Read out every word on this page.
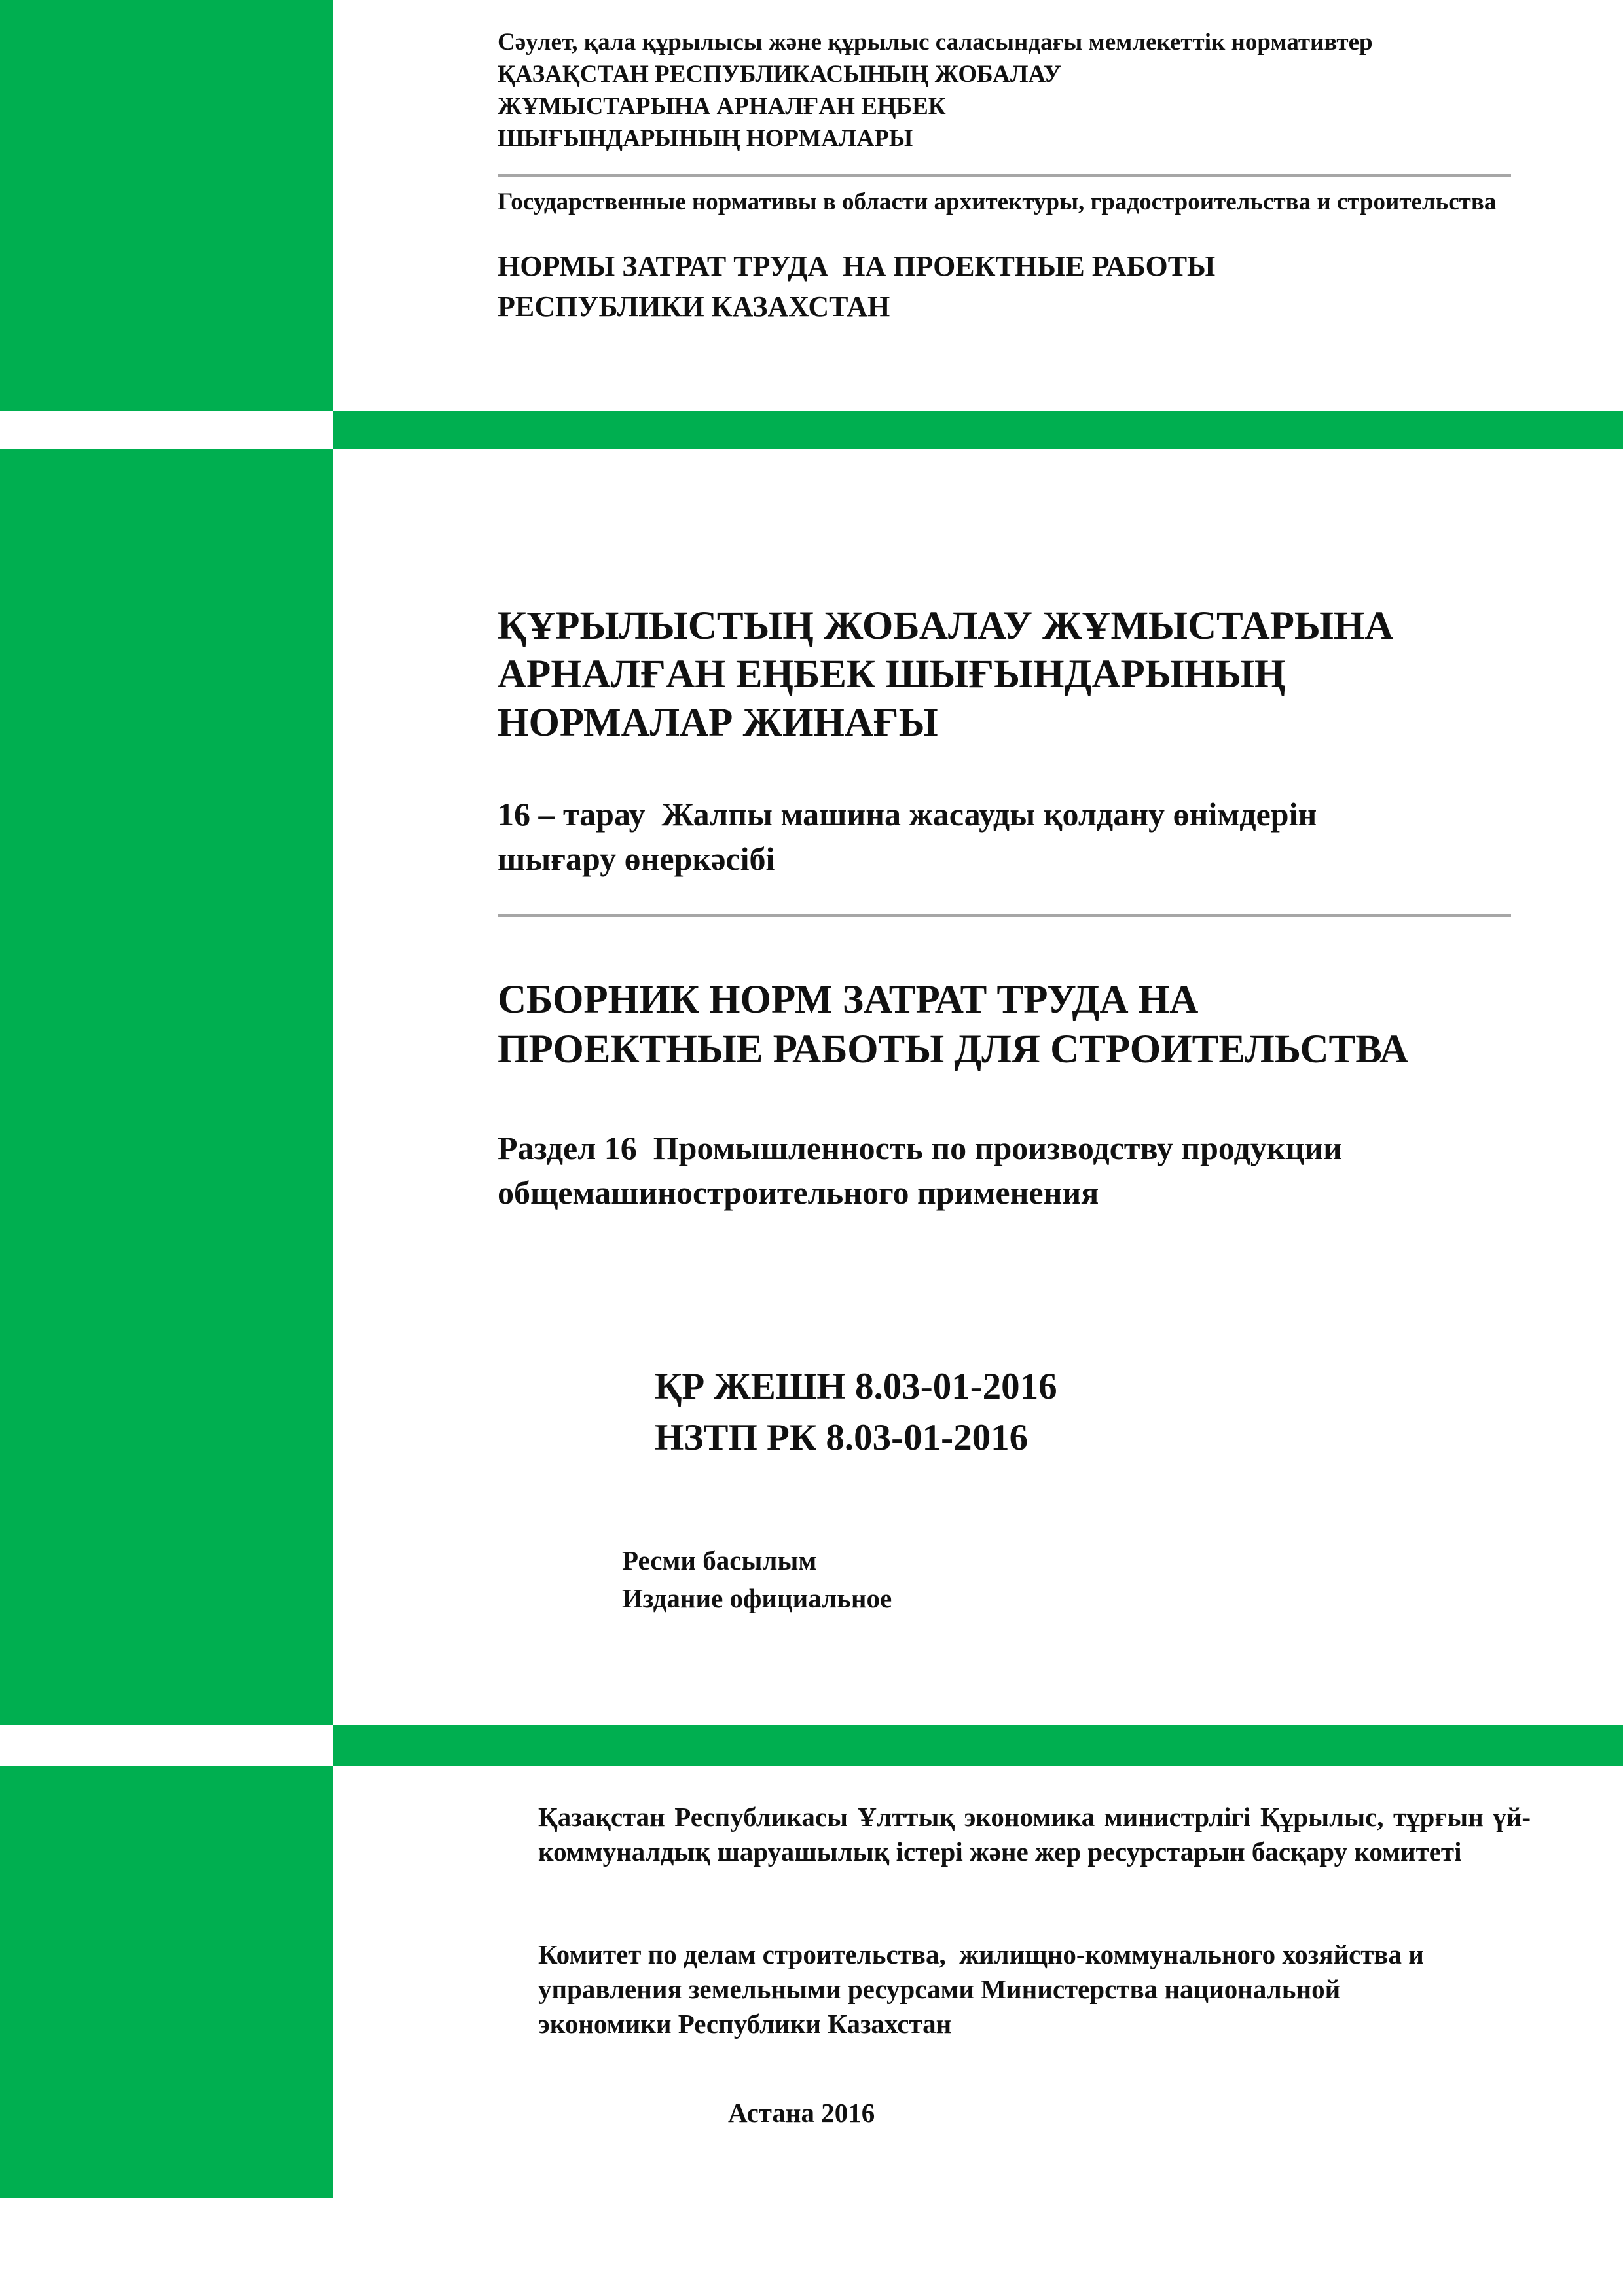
Сәулет, қала құрылысы және құрылыс саласындағы мемлекеттік нормативтер
ҚАЗАҚСТАН РЕСПУБЛИКАСЫНЫҢ ЖОБАЛАУ
ЖҰМЫСТАРЫНА АРНАЛҒАН ЕҢБЕК
ШЫҒЫНДАРЫНЫҢ НОРМАЛАРЫ
Государственные нормативы в области архитектуры, градостроительства и строительства
НОРМЫ ЗАТРАТ ТРУДА  НА ПРОЕКТНЫЕ РАБОТЫ
РЕСПУБЛИКИ КАЗАХСТАН
ҚҰРЫЛЫСТЫҢ ЖОБАЛАУ ЖҰМЫСТАРЫНА
АРНАЛҒАН ЕҢБЕК ШЫҒЫНДАРЫНЫҢ
НОРМАЛАР ЖИНАҒЫ
16 – тарау  Жалпы машина жасауды қолдану өнімдерін
шығару өнеркәсібі
СБОРНИК НОРМ ЗАТРАТ ТРУДА НА
ПРОЕКТНЫЕ РАБОТЫ ДЛЯ СТРОИТЕЛЬСТВА
Раздел 16  Промышленность по производству продукции
общемашиностроительного применения
ҚР ЖЕШН 8.03-01-2016
НЗТП РК 8.03-01-2016
Ресми басылым
Издание официальное
Қазақстан Республикасы Ұлттық экономика министрлігі Құрылыс, тұрғын үй-коммуналдық шаруашылық істері және жер ресурстарын басқару комитеті
Комитет по делам строительства,  жилищно-коммунального хозяйства и
управления земельными ресурсами Министерства национальной
экономики Республики Казахстан
Астана 2016
